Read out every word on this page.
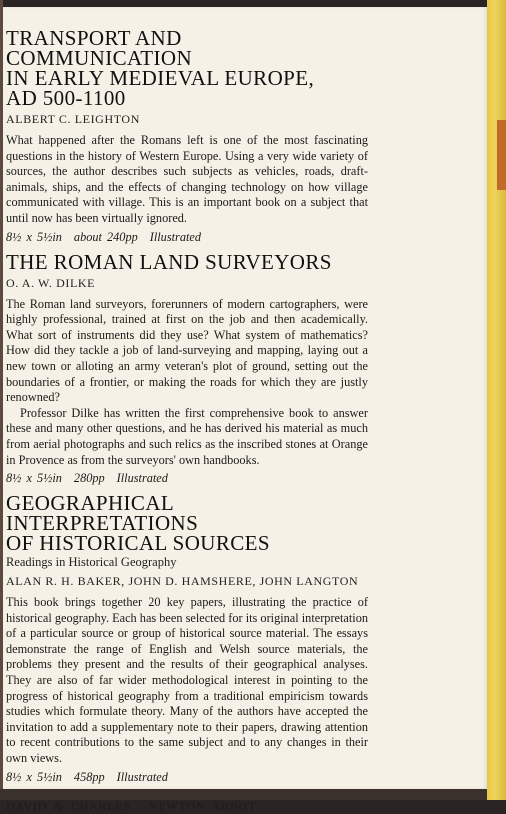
TRANSPORT AND COMMUNICATION
IN EARLY MEDIEVAL EUROPE,
AD 500-1100
ALBERT C. LEIGHTON

What happened after the Romans left is one of the most fascinating questions in the history of Western Europe. Using a very wide variety of sources, the author describes such subjects as vehicles, roads, draft-animals, ships, and the effects of changing technology on how village communicated with village. This is an important book on a subject that until now has been virtually ignored.

8½ x 5½in about 240pp Illustrated
THE ROMAN LAND SURVEYORS
O. A. W. DILKE

The Roman land surveyors, forerunners of modern cartographers, were highly professional, trained at first on the job and then academically. What sort of instruments did they use? What system of mathematics? How did they tackle a job of land-surveying and mapping, laying out a new town or alloting an army veteran's plot of ground, setting out the boundaries of a frontier, or making the roads for which they are justly renowned?

Professor Dilke has written the first comprehensive book to answer these and many other questions, and he has derived his material as much from aerial photographs and such relics as the inscribed stones at Orange in Provence as from the surveyors' own handbooks.

8½ x 5½in 280pp Illustrated
GEOGRAPHICAL INTERPRETATIONS
OF HISTORICAL SOURCES
Readings in Historical Geography
ALAN R. H. BAKER, JOHN D. HAMSHERE, JOHN LANGTON

This book brings together 20 key papers, illustrating the practice of historical geography. Each has been selected for its original interpretation of a particular source or group of historical source material. The essays demonstrate the range of English and Welsh source materials, the problems they present and the results of their geographical analyses. They are also of far wider methodological interest in pointing to the progress of historical geography from a traditional empiricism towards studies which formulate theory. Many of the authors have accepted the invitation to add a supplementary note to their papers, drawing attention to recent contributions to the same subject and to any changes in their own views.

8½ x 5½in 458pp Illustrated
DAVID & CHARLES : NEWTON ABBOT
